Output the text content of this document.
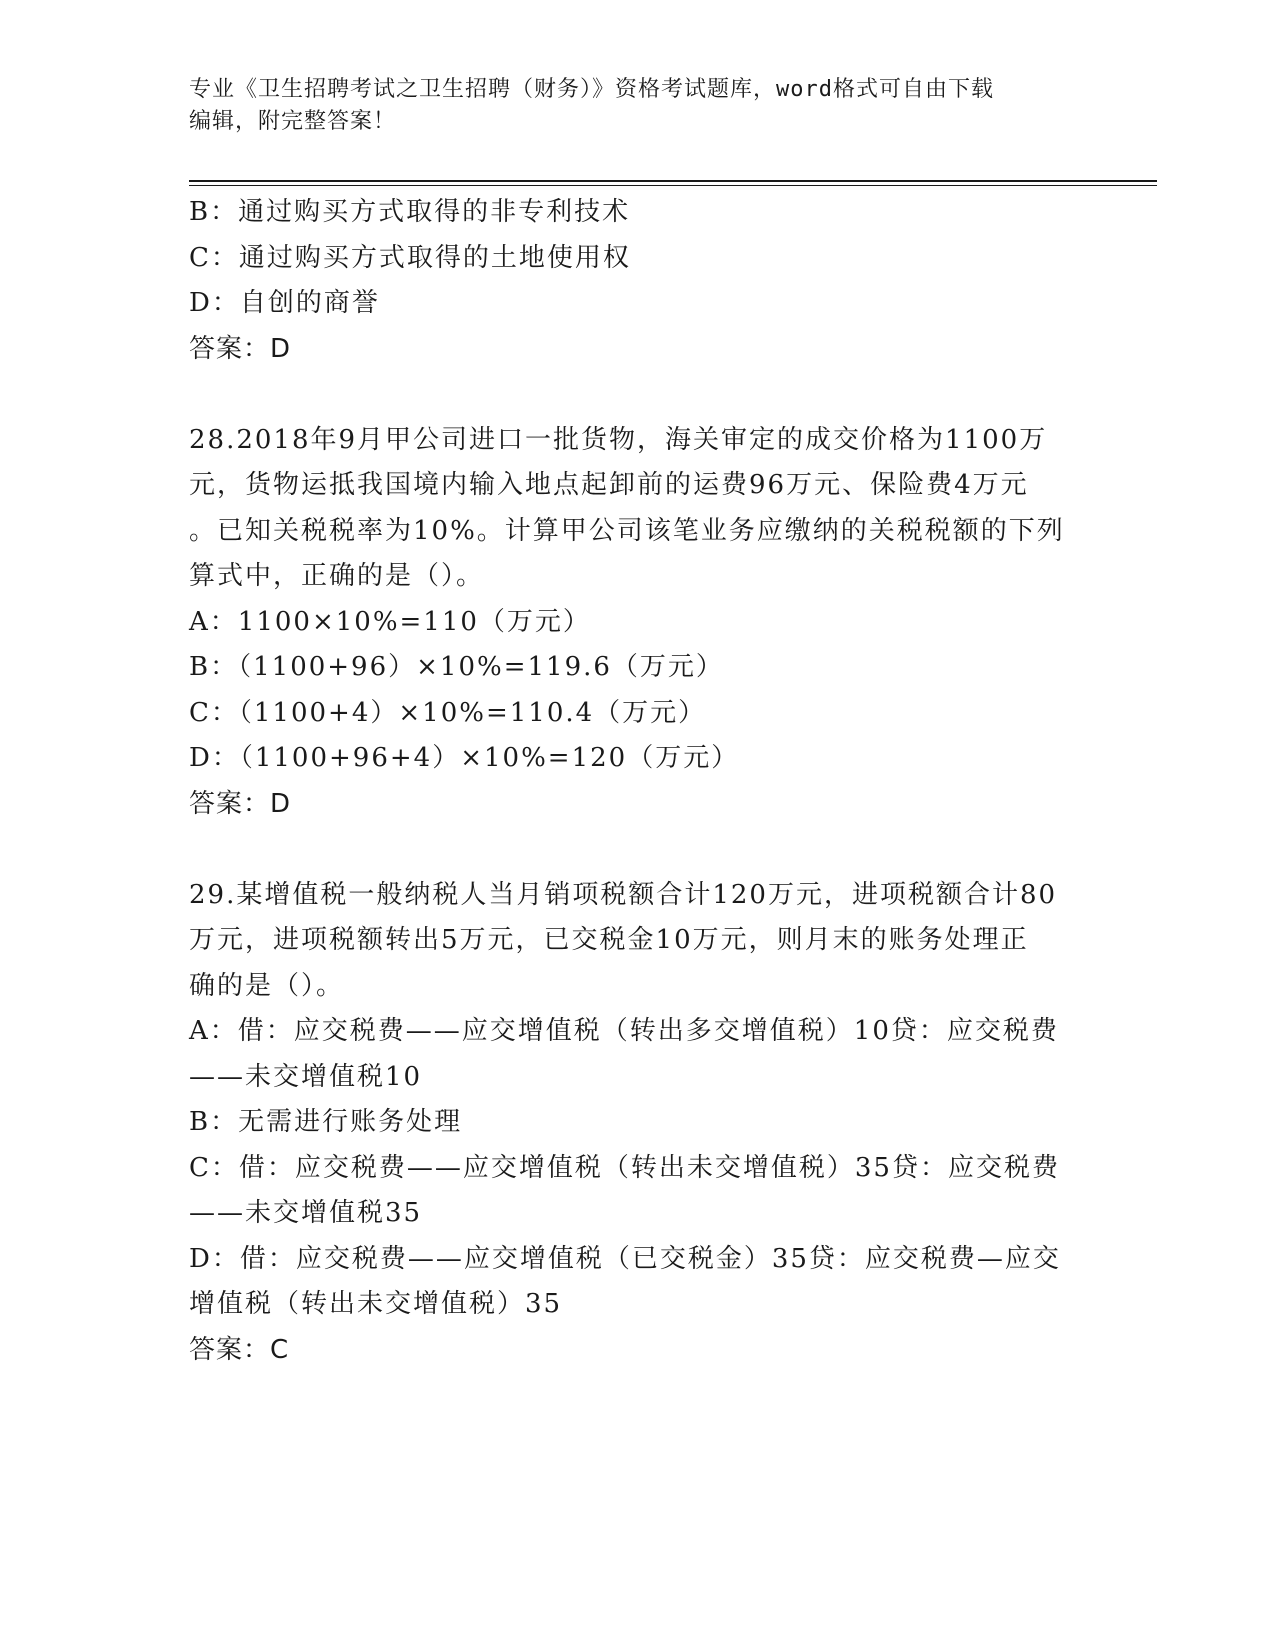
专业《卫生招聘考试之卫生招聘（财务）》资格考试题库，word格式可自由下载

编辑，附完整答案！

B：通过购买方式取得的非专利技术

C：通过购买方式取得的土地使用权

D：自创的商誉

答案：D

28.2018年9月甲公司进口一批货物，海关审定的成交价格为1100万

元，货物运抵我国境内输入地点起卸前的运费96万元、保险费4万元

。已知关税税率为10%。计算甲公司该笔业务应缴纳的关税税额的下列

算式中，正确的是（）。

A：1100×10%=110（万元）

B：（1100+96）×10%=119.6（万元）

C：（1100+4）×10%=110.4（万元）

D：（1100+96+4）×10%=120（万元）

答案：D

29.某增值税一般纳税人当月销项税额合计120万元，进项税额合计80

万元，进项税额转出5万元，已交税金10万元，则月末的账务处理正

确的是（）。

A：借：应交税费——应交增值税（转出多交增值税）10贷：应交税费

——未交增值税10

B：无需进行账务处理

C：借：应交税费——应交增值税（转出未交增值税）35贷：应交税费

——未交增值税35

D：借：应交税费——应交增值税（已交税金）35贷：应交税费—应交

增值税（转出未交增值税）35

答案：C
